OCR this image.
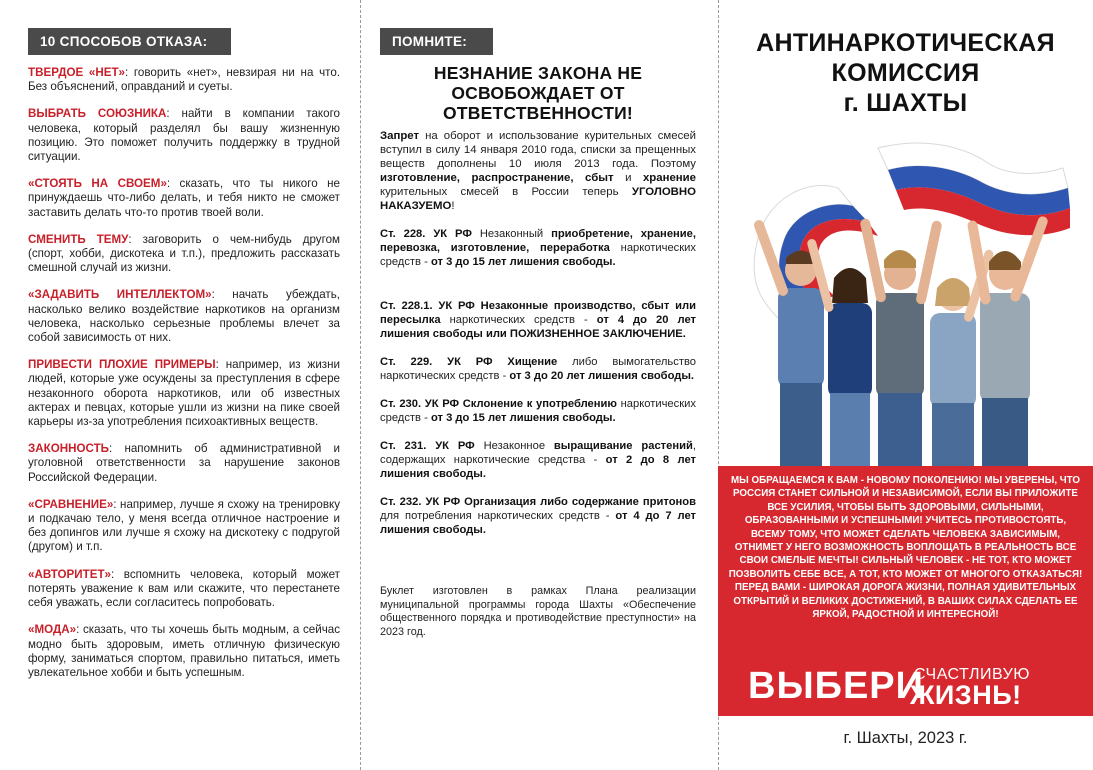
10 СПОСОБОВ ОТКАЗА:

ТВЕРДОЕ «НЕТ»: говорить «нет», невзирая ни на что. Без объяснений, оправданий и суеты.

ВЫБРАТЬ СОЮЗНИКА: найти в компании такого человека, который разделял бы вашу жизненную позицию. Это поможет получить поддержку в трудной ситуации.

«СТОЯТЬ НА СВОЕМ»: сказать, что ты никого не принуждаешь что-либо делать, и тебя никто не сможет заставить делать что-то против твоей воли.

СМЕНИТЬ ТЕМУ: заговорить о чем-нибудь другом (спорт, хобби, дискотека и т.п.), предложить рассказать смешной случай из жизни.

«ЗАДАВИТЬ ИНТЕЛЛЕКТОМ»: начать убеждать, насколько велико воздействие наркотиков на организм человека, насколько серьезные проблемы влечет за собой зависимость от них.

ПРИВЕСТИ ПЛОХИЕ ПРИМЕРЫ: например, из жизни людей, которые уже осуждены за преступления в сфере незаконного оборота наркотиков, или об известных актерах и певцах, которые ушли из жизни на пике своей карьеры из-за употребления психоактивных веществ.

ЗАКОННОСТЬ: напомнить об административной и уголовной ответственности за нарушение законов Российской Федерации.

«СРАВНЕНИЕ»: например, лучше я схожу на тренировку и подкачаю тело, у меня всегда отличное настроение и без допингов или лучше я схожу на дискотеку с подругой (другом) и т.п.

«АВТОРИТЕТ»: вспомнить человека, который может потерять уважение к вам или скажите, что перестанете себя уважать, если согласитесь попробовать.

«МОДА»: сказать, что ты хочешь быть модным, а сейчас модно быть здоровым, иметь отличную физическую форму, заниматься спортом, правильно питаться, иметь увлекательное хобби и быть успешным.

ПОМНИТЕ:
НЕЗНАНИЕ ЗАКОНА НЕ ОСВОБОЖДАЕТ ОТ ОТВЕТСТВЕННОСТИ!

Запрет на оборот и использование курительных смесей вступил в силу 14 января 2010 года, списки за прещенных веществ дополнены 10 июля 2013 года. Поэтому изготовление, распространение, сбыт и хранение курительных смесей в России теперь УГОЛОВНО НАКАЗУЕМО!

Ст. 228. УК РФ Незаконный приобретение, хранение, перевозка, изготовление, переработка наркотических средств - от 3 до 15 лет лишения свободы.

Ст. 228.1. УК РФ Незаконные производство, сбыт или пересылка наркотических средств - от 4 до 20 лет лишения свободы или ПОЖИЗНЕННОЕ ЗАКЛЮЧЕНИЕ.

Ст. 229. УК РФ Хищение либо вымогательство наркотических средств - от 3 до 20 лет лишения свободы.

Ст. 230. УК РФ Склонение к употреблению наркотических средств - от 3 до 15 лет лишения свободы.

Ст. 231. УК РФ Незаконное выращивание растений, содержащих наркотические средства - от 2 до 8 лет лишения свободы.

Ст. 232. УК РФ Организация либо содержание притонов для потребления наркотических средств - от 4 до 7 лет лишения свободы.

Буклет изготовлен в рамках Плана реализации муниципальной программы города Шахты «Обеспечение общественного порядка и противодействие преступности» на 2023 год.

АНТИНАРКОТИЧЕСКАЯ
КОМИССИЯ
г. ШАХТЫ

МЫ ОБРАЩАЕМСЯ К ВАМ - НОВОМУ ПОКОЛЕНИЮ! МЫ УВЕРЕНЫ, ЧТО РОССИЯ СТАНЕТ СИЛЬНОЙ И НЕЗАВИСИМОЙ, ЕСЛИ ВЫ ПРИЛОЖИТЕ ВСЕ УСИЛИЯ, ЧТОБЫ БЫТЬ ЗДОРОВЫМИ, СИЛЬНЫМИ, ОБРАЗОВАННЫМИ И УСПЕШНЫМИ! УЧИТЕСЬ ПРОТИВОСТОЯТЬ, ВСЕМУ ТОМУ, ЧТО МОЖЕТ СДЕЛАТЬ ЧЕЛОВЕКА ЗАВИСИМЫМ, ОТНИМЕТ У НЕГО ВОЗМОЖНОСТЬ ВОПЛОЩАТЬ В РЕАЛЬНОСТЬ ВСЕ СВОИ СМЕЛЫЕ МЕЧТЫ! СИЛЬНЫЙ ЧЕЛОВЕК - НЕ ТОТ, КТО МОЖЕТ ПОЗВОЛИТЬ СЕБЕ ВСЕ, А ТОТ, КТО МОЖЕТ ОТ МНОГОГО ОТКАЗАТЬСЯ! ПЕРЕД ВАМИ - ШИРОКАЯ ДОРОГА ЖИЗНИ, ПОЛНАЯ УДИВИТЕЛЬНЫХ ОТКРЫТИЙ И ВЕЛИКИХ ДОСТИЖЕНИЙ, В ВАШИХ СИЛАХ СДЕЛАТЬ ЕЕ ЯРКОЙ, РАДОСТНОЙ И ИНТЕРЕСНОЙ!

ВЫБЕРИ
СЧАСТЛИВУЮ
ЖИЗНЬ!
г. Шахты, 2023 г.
